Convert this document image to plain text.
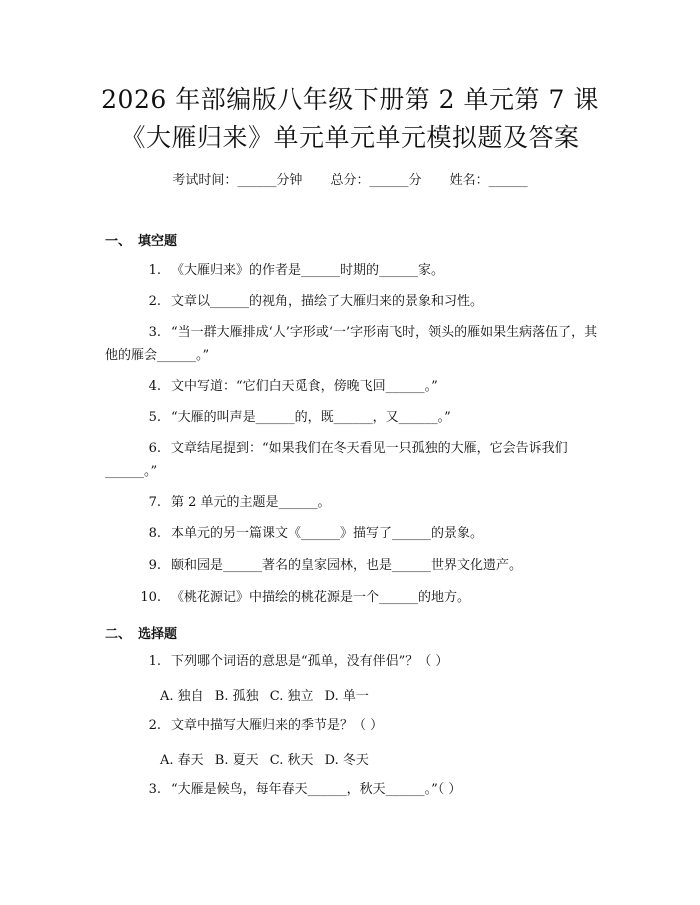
2026 年部编版八年级下册第 2 单元第 7 课
《大雁归来》单元单元单元模拟题及答案
考试时间：______分钟 总分：______分 姓名：______
一、 填空题
1. 《大雁归来》的作者是______时期的______家。
2. 文章以______的视角，描绘了大雁归来的景象和习性。
3. “当一群大雁排成‘人’字形或‘一’字形南飞时，领头的雁如果生病落伍了，其他的雁会______。”
4. 文中写道：“它们白天觅食，傍晚飞回______。”
5. “大雁的叫声是______的，既______，又______。”
6. 文章结尾提到：“如果我们在冬天看见一只孤独的大雁，它会告诉我们______。”
7. 第 2 单元的主题是______。
8. 本单元的另一篇课文《______》描写了______的景象。
9. 颐和园是______著名的皇家园林，也是______世界文化遗产。
10. 《桃花源记》中描绘的桃花源是一个______的地方。
二、 选择题
1. 下列哪个词语的意思是“孤单，没有伴侣”？（ ）
A. 独自 B. 孤独 C. 独立 D. 单一
2. 文章中描写大雁归来的季节是？（ ）
A. 春天 B. 夏天 C. 秋天 D. 冬天
3. “大雁是候鸟，每年春天______，秋天______。”（ ）
